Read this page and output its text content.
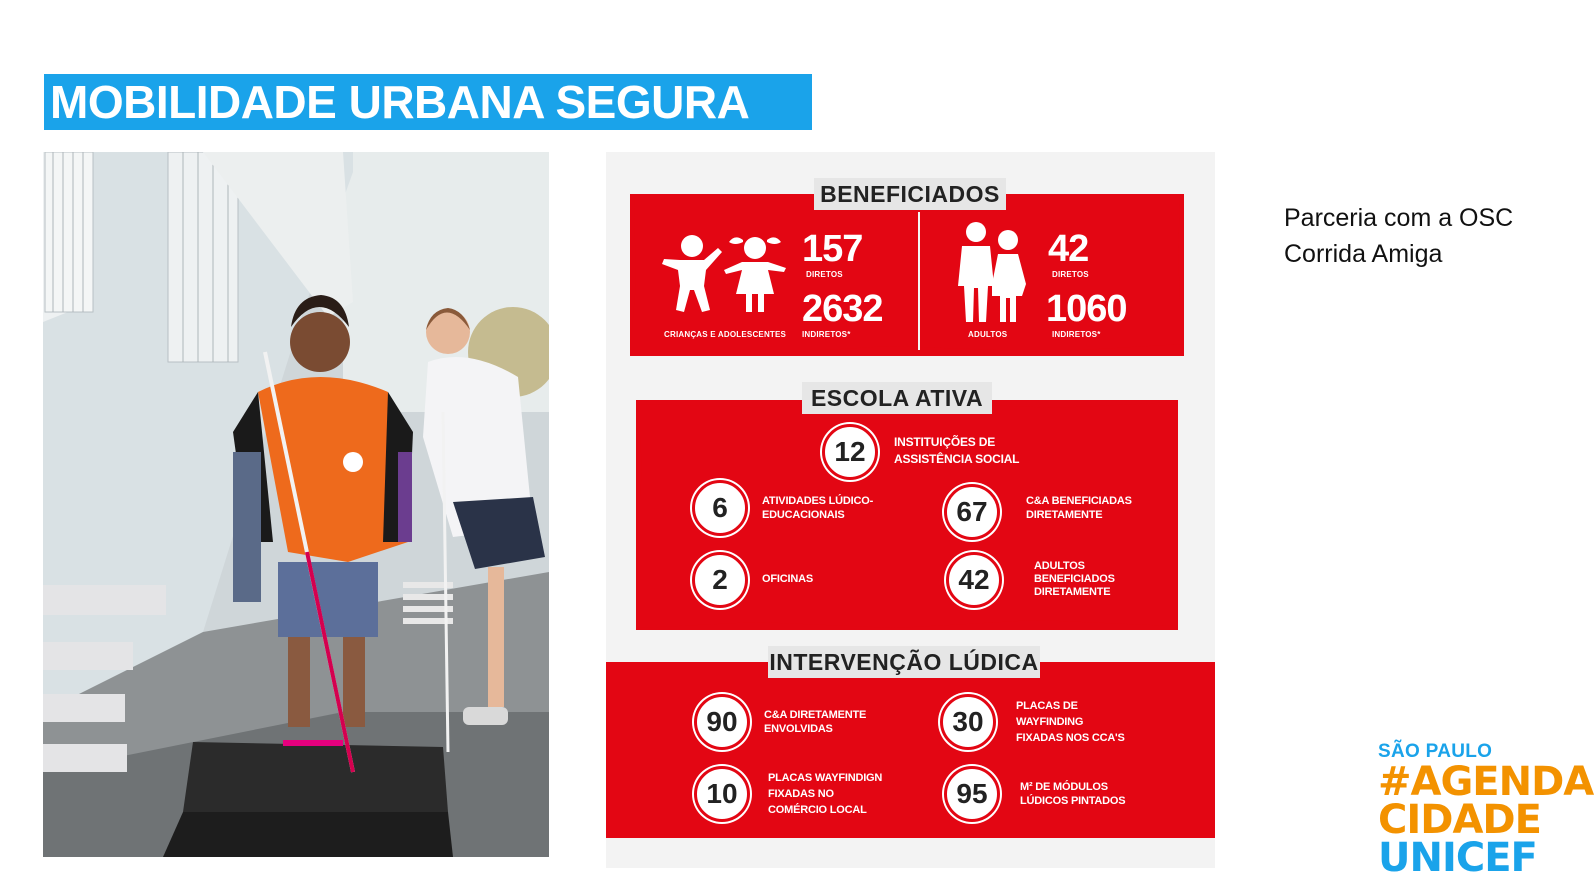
MOBILIDADE URBANA SEGURA
CRIANÇAS E ADOLESCENTES
157
DIRETOS
2632
INDIRETOS*	ADULTOS
42
DIRETOS
1060
INDIRETOS*
BENEFICIADOS
ESCOLA ATIVA
12	INSTITUIÇÕES DE
ASSISTÊNCIA SOCIAL
6	ATIVIDADES LÚDICO-
EDUCACIONAIS	67	C&A BENEFICIADAS
DIRETAMENTE
2	OFICINAS	42	ADULTOS
BENEFICIADOS
DIRETAMENTE
INTERVENÇÃO LÚDICA
90	C&A DIRETAMENTE
ENVOLVIDAS	30	PLACAS DE
WAYFINDING
FIXADAS NOS CCA'S
10	PLACAS WAYFINDIGN
FIXADAS NO
COMÉRCIO LOCAL
95	M² DE MÓDULOS
LÚDICOS PINTADOS
Parceria com a OSC
Corrida Amiga
SÃO PAULO
#AGENDA
CIDADE
UNICEF
